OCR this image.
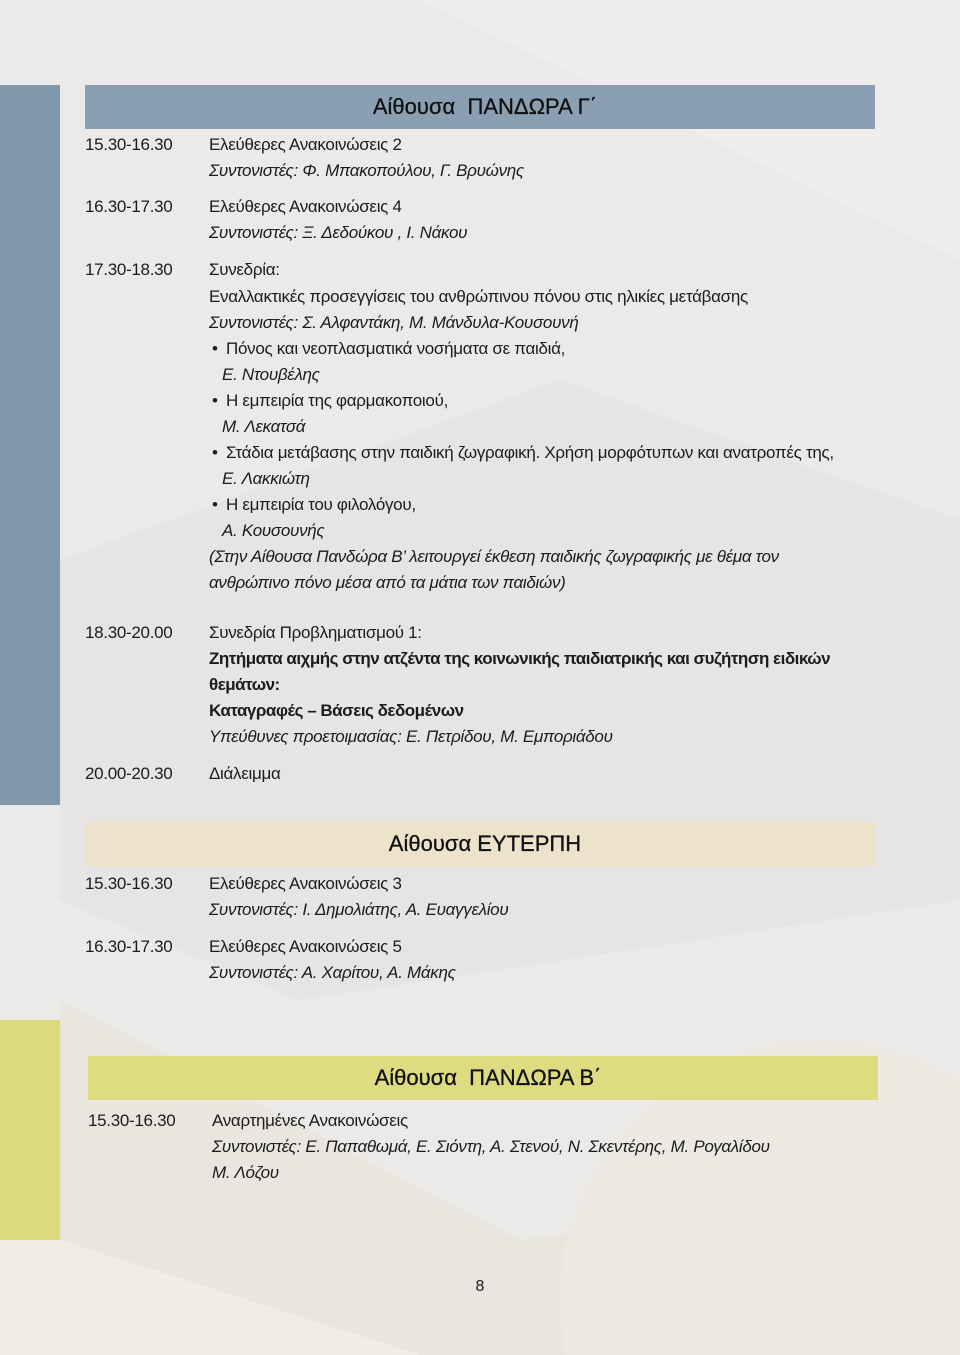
Αίθουσα  ΠΑΝΔΩΡΑ Γ΄
15.30-16.30 Ελεύθερες Ανακοινώσεις 2
Συντονιστές: Φ. Μπακοπούλου, Γ. Βρυώνης
16.30-17.30 Ελεύθερες Ανακοινώσεις 4
Συντονιστές: Ξ. Δεδούκου , Ι. Νάκου
17.30-18.30 Συνεδρία:
Εναλλακτικές προσεγγίσεις του ανθρώπινου πόνου στις ηλικίες μετάβασης
Συντονιστές: Σ. Αλφαντάκη, Μ. Μάνδυλα-Κουσουνή
• Πόνος και νεοπλασματικά νοσήματα σε παιδιά,
Ε. Ντουβέλης
• Η εμπειρία της φαρμακοποιού,
Μ. Λεκατσά
• Στάδια μετάβασης στην παιδική ζωγραφική. Χρήση μορφότυπων και ανατροπές της,
Ε. Λακκιώτη
• Η εμπειρία του φιλολόγου,
Α. Κουσουνής
(Στην Αίθουσα Πανδώρα Β’ λειτουργεί έκθεση παιδικής ζωγραφικής με θέμα τον
ανθρώπινο πόνο μέσα από τα μάτια των παιδιών)
18.30-20.00 Συνεδρία Προβληματισμού 1:
Ζητήματα αιχμής στην ατζέντα της κοινωνικής παιδιατρικής και συζήτηση ειδικών
θεμάτων:
Καταγραφές – Βάσεις δεδομένων
Υπεύθυνες προετοιμασίας: Ε. Πετρίδου, Μ. Εμποριάδου
20.00-20.30 Διάλειμμα
Αίθουσα ΕΥΤΕΡΠΗ
15.30-16.30 Ελεύθερες Ανακοινώσεις 3
Συντονιστές: Ι. Δημολιάτης, Α. Ευαγγελίου
16.30-17.30 Ελεύθερες Ανακοινώσεις 5
Συντονιστές: Α. Χαρίτου, Α. Μάκης
Αίθουσα  ΠΑΝΔΩΡΑ Β΄
15.30-16.30 Αναρτημένες Ανακοινώσεις
Συντονιστές: Ε. Παπαθωμά, Ε. Σιόντη, Α. Στενού, Ν. Σκεντέρης, Μ. Ρογαλίδου
Μ. Λόζου
8
